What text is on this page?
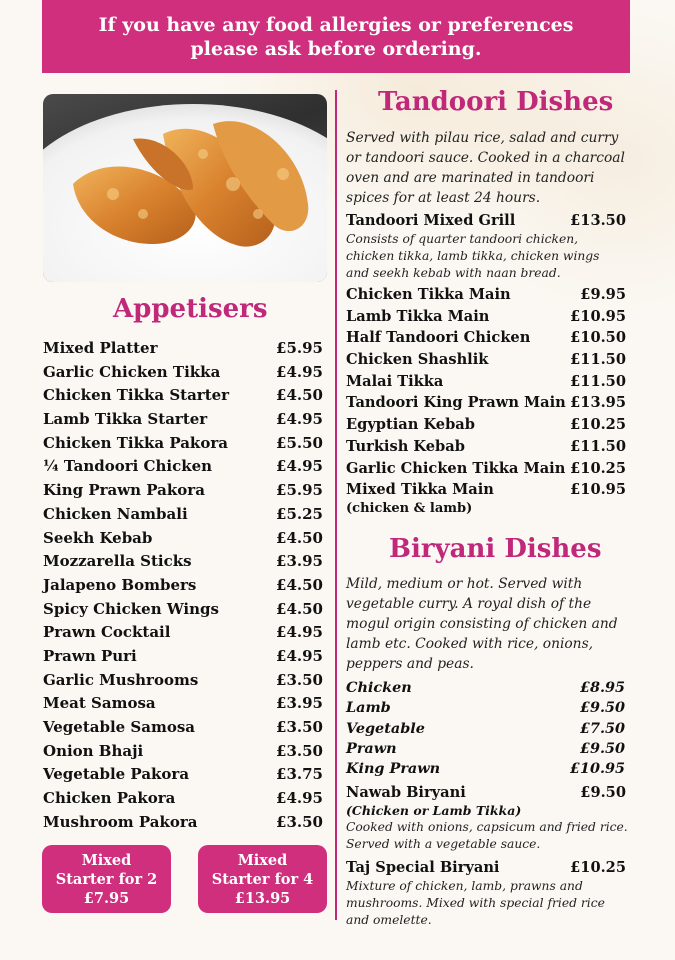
If you have any food allergies or preferences
please ask before ordering.
Appetisers
Mixed Platter	£5.95
Garlic Chicken Tikka	£4.95
Chicken Tikka Starter	£4.50
Lamb Tikka Starter	£4.95
Chicken Tikka Pakora	£5.50
¼ Tandoori Chicken	£4.95
King Prawn Pakora	£5.95
Chicken Nambali	£5.25
Seekh Kebab	£4.50
Mozzarella Sticks	£3.95
Jalapeno Bombers	£4.50
Spicy Chicken Wings	£4.50
Prawn Cocktail	£4.95
Prawn Puri	£4.95
Garlic Mushrooms	£3.50
Meat Samosa	£3.95
Vegetable Samosa	£3.50
Onion Bhaji	£3.50
Vegetable Pakora	£3.75
Chicken Pakora	£4.95
Mushroom Pakora	£3.50
Mixed
Starter for 2
£7.95
Mixed
Starter for 4
£13.95
Tandoori Dishes
Served with pilau rice, salad and curry or tandoori sauce. Cooked in a charcoal oven and are marinated in tandoori spices for at least 24 hours.
Tandoori Mixed Grill	£13.50
Consists of quarter tandoori chicken, chicken tikka, lamb tikka, chicken wings and seekh kebab with naan bread.
Chicken Tikka Main	£9.95
Lamb Tikka Main	£10.95
Half Tandoori Chicken	£10.50
Chicken Shashlik	£11.50
Malai Tikka	£11.50
Tandoori King Prawn Main £13.95
Egyptian Kebab	£10.25
Turkish Kebab	£11.50
Garlic Chicken Tikka Main £10.25
Mixed Tikka Main	£10.95
(chicken & lamb)
Biryani Dishes
Mild, medium or hot. Served with vegetable curry. A royal dish of the mogul origin consisting of chicken and lamb etc. Cooked with rice, onions, peppers and peas.
Chicken	£8.95
Lamb	£9.50
Vegetable	£7.50
Prawn	£9.50
King Prawn	£10.95
Nawab Biryani	£9.50
(Chicken or Lamb Tikka)
Cooked with onions, capsicum and fried rice. Served with a vegetable sauce.
Taj Special Biryani	£10.25
Mixture of chicken, lamb, prawns and mushrooms. Mixed with special fried rice and omelette.
